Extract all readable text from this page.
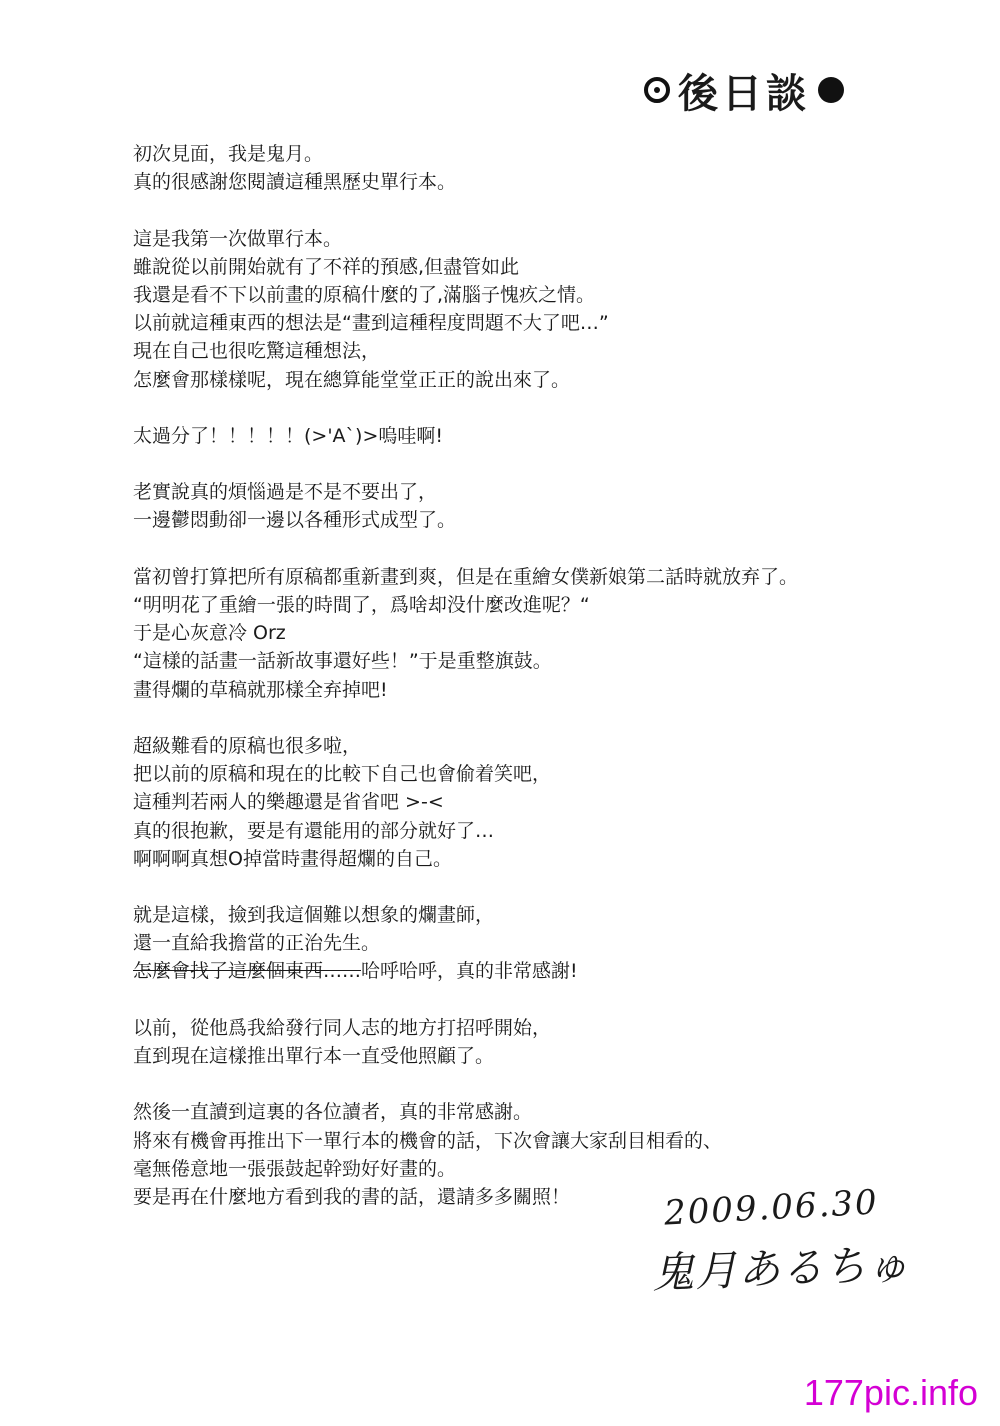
後日談
初次見面，我是鬼月。
真的很感謝您閱讀這種黑歷史單行本。
這是我第一次做單行本。
雖說從以前開始就有了不祥的預感,但盡管如此
我還是看不下以前畫的原稿什麼的了,滿腦子愧疚之情。
以前就這種東西的想法是“畫到這種程度問題不大了吧…”
現在自己也很吃驚這種想法，
怎麼會那樣樣呢，現在總算能堂堂正正的說出來了。
太過分了！！！！！(>'A`)>嗚哇啊!
老實說真的煩惱過是不是不要出了，
一邊鬱悶動卻一邊以各種形式成型了。
當初曾打算把所有原稿都重新畫到爽，但是在重繪女僕新娘第二話時就放弃了。
“明明花了重繪一張的時間了，爲啥却没什麼改進呢？“
于是心灰意冷 Orz
“這樣的話畫一話新故事還好些！”于是重整旗鼓。
畫得爛的草稿就那樣全弃掉吧!
超級難看的原稿也很多啦，
把以前的原稿和現在的比較下自己也會偷着笑吧，
這種判若兩人的樂趣還是省省吧 >-<
真的很抱歉，要是有還能用的部分就好了…
啊啊啊真想O掉當時畫得超爛的自己。
就是這樣，撿到我這個難以想象的爛畫師，
還一直給我擔當的正治先生。
怎麼會找了這麼個東西……哈呼哈呼，真的非常感謝!
以前，從他爲我給發行同人志的地方打招呼開始，
直到現在這樣推出單行本一直受他照顧了。
然後一直讀到這裏的各位讀者，真的非常感謝。
將來有機會再推出下一單行本的機會的話，下次會讓大家刮目相看的、
毫無倦意地一張張鼓起幹勁好好畫的。
要是再在什麼地方看到我的書的話，還請多多關照！	2009.06.30
鬼月あるちゅ
177pic.info
